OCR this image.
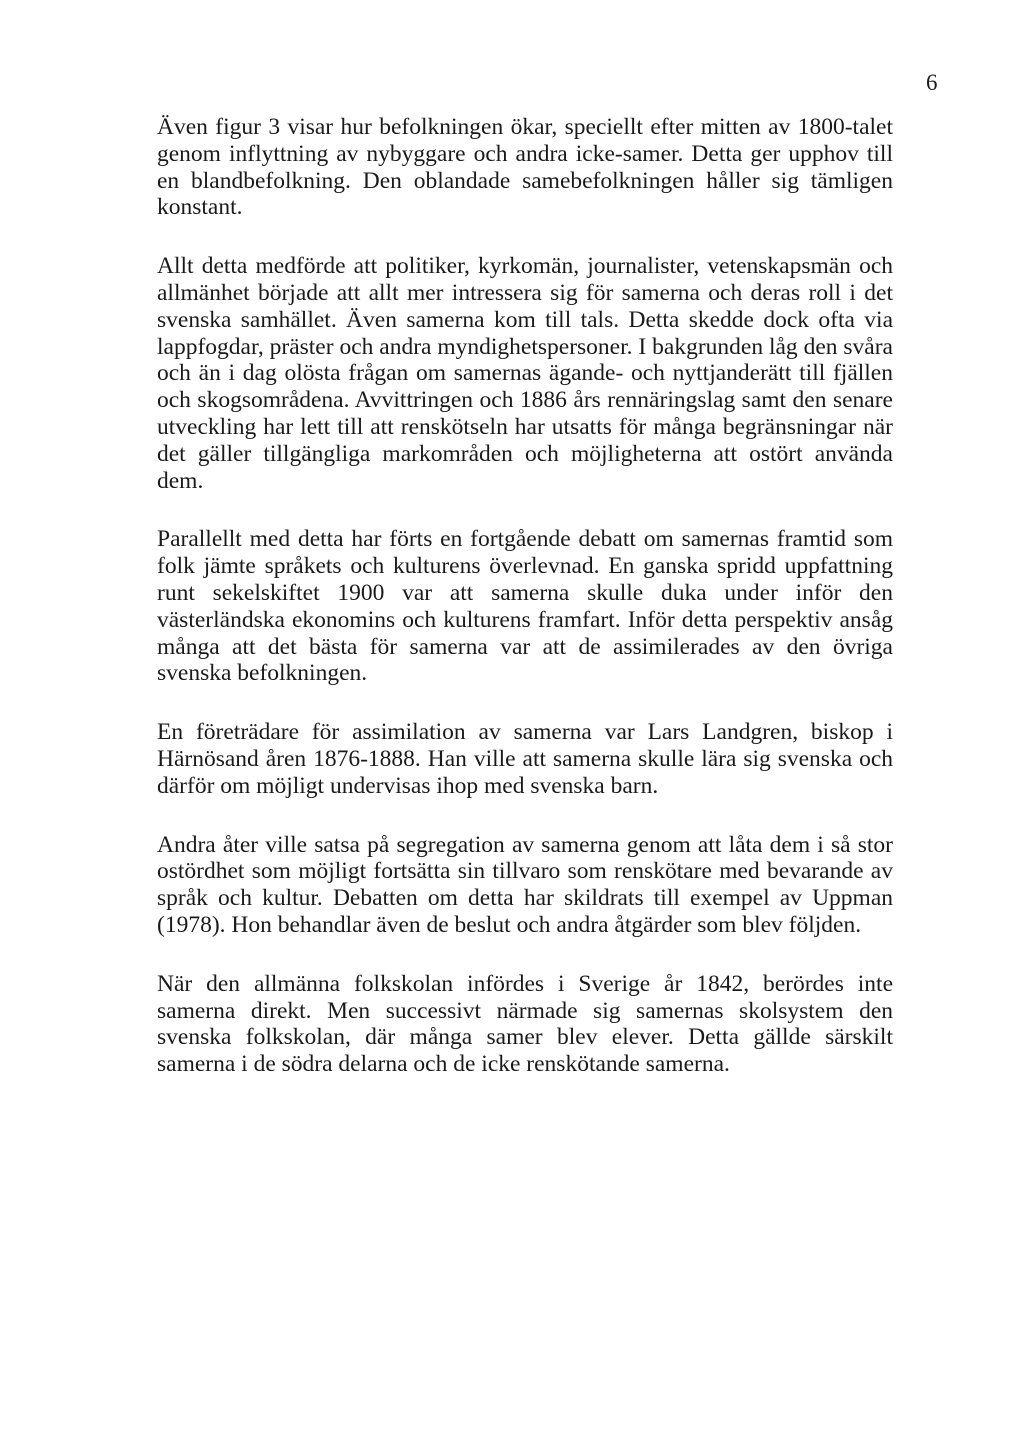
6

Även figur 3 visar hur befolkningen ökar, speciellt efter mitten av 1800-talet genom inflyttning av nybyggare och andra icke-samer. Detta ger upphov till en blandbefolkning. Den oblandade samebefolkningen håller sig tämligen konstant.

Allt detta medförde att politiker, kyrkomän, journalister, vetenskapsmän och allmänhet började att allt mer intressera sig för samerna och deras roll i det svenska samhället. Även samerna kom till tals. Detta skedde dock ofta via lappfogdar, präster och andra myndighetspersoner. I bakgrunden låg den svåra och än i dag olösta frågan om samernas ägande- och nyttjanderätt till fjällen och skogsområdena. Avvittringen och 1886 års rennäringslag samt den senare utveckling har lett till att renskötseln har utsatts för många begränsningar när det gäller tillgängliga markområden och möjligheterna att ostört använda dem.

Parallellt med detta har förts en fortgående debatt om samernas framtid som folk jämte språkets och kulturens överlevnad. En ganska spridd uppfattning runt sekelskiftet 1900 var att samerna skulle duka under inför den västerländska ekonomins och kulturens framfart. Inför detta perspektiv ansåg många att det bästa för samerna var att de assimilerades av den övriga svenska befolkningen.

En företrädare för assimilation av samerna var Lars Landgren, biskop i Härnösand åren 1876-1888. Han ville att samerna skulle lära sig svenska och därför om möjligt undervisas ihop med svenska barn.

Andra åter ville satsa på segregation av samerna genom att låta dem i så stor ostördhet som möjligt fortsätta sin tillvaro som renskötare med bevarande av språk och kultur. Debatten om detta har skildrats till exempel av Uppman (1978). Hon behandlar även de beslut och andra åtgärder som blev följden.

När den allmänna folkskolan infördes i Sverige år 1842, berördes inte samerna direkt. Men successivt närmade sig samernas skolsystem den svenska folkskolan, där många samer blev elever. Detta gällde särskilt samerna i de södra delarna och de icke renskötande samerna.
